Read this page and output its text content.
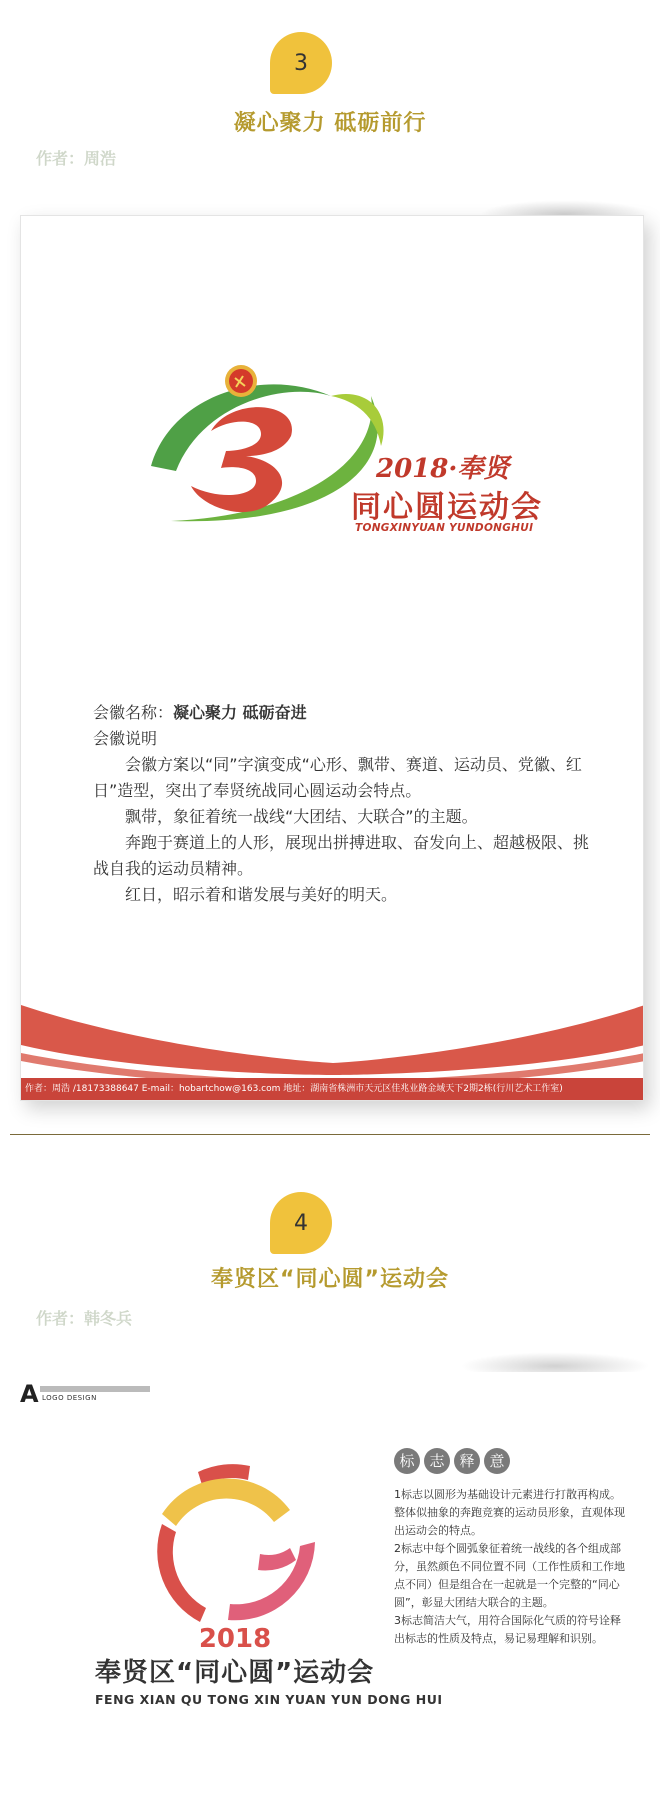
3
凝心聚力 砥砺前行
作者：周浩
2018·奉贤
同心圆运动会
TONGXINYUAN YUNDONGHUI

会徽名称：凝心聚力 砥砺奋进

会徽说明

会徽方案以“同”字演变成“心形、飘带、赛道、运动员、党徽、红日”造型，突出了奉贤统战同心圆运动会特点。

飘带，象征着统一战线“大团结、大联合”的主题。

奔跑于赛道上的人形，展现出拼搏进取、奋发向上、超越极限、挑战自我的运动员精神。

红日，昭示着和谐发展与美好的明天。

作者：周浩 /18173388647 E-mail：hobartchow@163.com 地址：湖南省株洲市天元区佳兆业路金域天下2期2栋(行川艺术工作室)
4
奉贤区“同心圆”运动会
作者：韩冬兵
A LOGO DESIGN
2018
奉贤区“同心圆”运动会
FENG XIAN QU TONG XIN YUAN YUN DONG HUI
标 志 释 意

1标志以圆形为基础设计元素进行打散再构成。整体似抽象的奔跑竞赛的运动员形象，直观体现出运动会的特点。

2标志中每个圆弧象征着统一战线的各个组成部分，虽然颜色不同位置不同（工作性质和工作地点不同）但是组合在一起就是一个完整的“同心圆”，彰显大团结大联合的主题。

3标志简洁大气，用符合国际化气质的符号诠释出标志的性质及特点，易记易理解和识别。
